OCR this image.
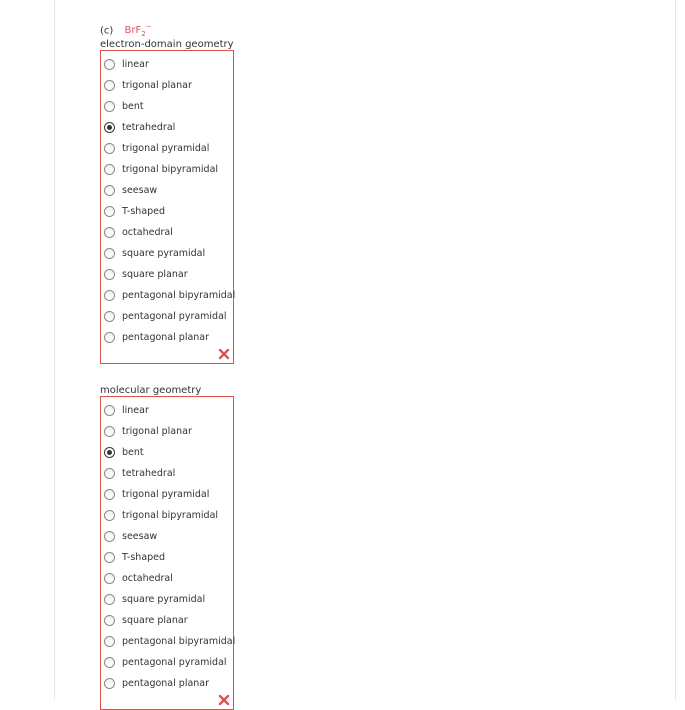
(c) BrF$_2$−
electron-domain geometry
linear
trigonal planar
bent
tetrahedral
trigonal pyramidal
trigonal bipyramidal
seesaw
T-shaped
octahedral
square pyramidal
square planar
pentagonal bipyramidal
pentagonal pyramidal
pentagonal planar
molecular geometry
linear
trigonal planar
bent
tetrahedral
trigonal pyramidal
trigonal bipyramidal
seesaw
T-shaped
octahedral
square pyramidal
square planar
pentagonal bipyramidal
pentagonal pyramidal
pentagonal planar
